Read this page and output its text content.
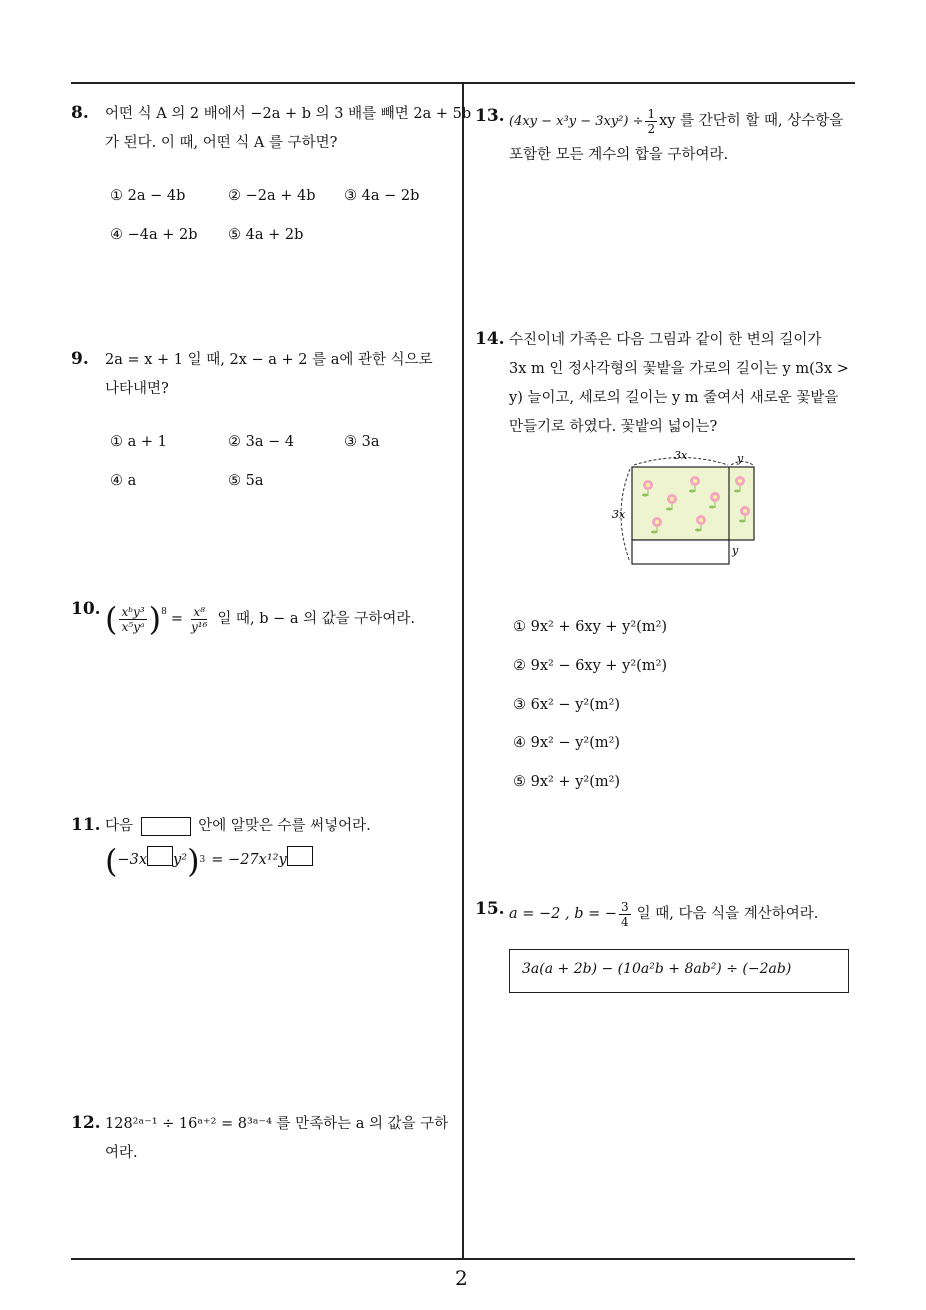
8. 어떤 식 A 의 2 배에서 −2a + b 의 3 배를 빼면 2a + 5b
가 된다. 이 때, 어떤 식 A 를 구하면?
① 2a − 4b	② −2a + 4b ③ 4a − 2b
④ −4a + 2b ⑤ 4a + 2b
9. 2a = x + 1 일 때, 2x − a + 2 를 a에 관한 식으로
나타내면?
① a + 1	② 3a − 4	③ 3a
④ a	⑤ 5a
10. ( $\frac{\text{xᵇy³}}{\text{x⁵yᵃ}} )^8 = \frac{\text{x⁸}}{\text{y¹⁶}}$ 일 때, b − a 의 값을 구하여라.
11. 다음	안에 알맞은 수를 써넣어라.
( −3x y² ) 3 = −27x¹²y
12. 128²ᵃ⁻¹ ÷ 16ᵃ⁺² = 8³ᵃ⁻⁴ 를 만족하는 a 의 값을 구하
여라.
13. $(4xy - x^3y - 3xy^2) \div \frac{1}{2}$ xy 를 간단히 할 때, 상수항을
포함한 모든 계수의 합을 구하여라.
14. 수진이네 가족은 다음 그림과 같이 한 변의 길이가
3x m 인 정사각형의 꽃밭을 가로의 길이는 y m(3x >
y) 늘이고, 세로의 길이는 y m 줄여서 새로운 꽃밭을
만들기로 하였다. 꽃밭의 넓이는?
3x	y
3x
y
① 9x² + 6xy + y²(m²)
② 9x² − 6xy + y²(m²)
③ 6x² − y²(m²)
④ 9x² − y²(m²)
⑤ 9x² + y²(m²)
15. a = −2 , b = − $\frac{3}{4}$ 일 때, 다음 식을 계산하여라.
3a(a + 2b) − (10a²b + 8ab²) ÷ (−2ab)
2
